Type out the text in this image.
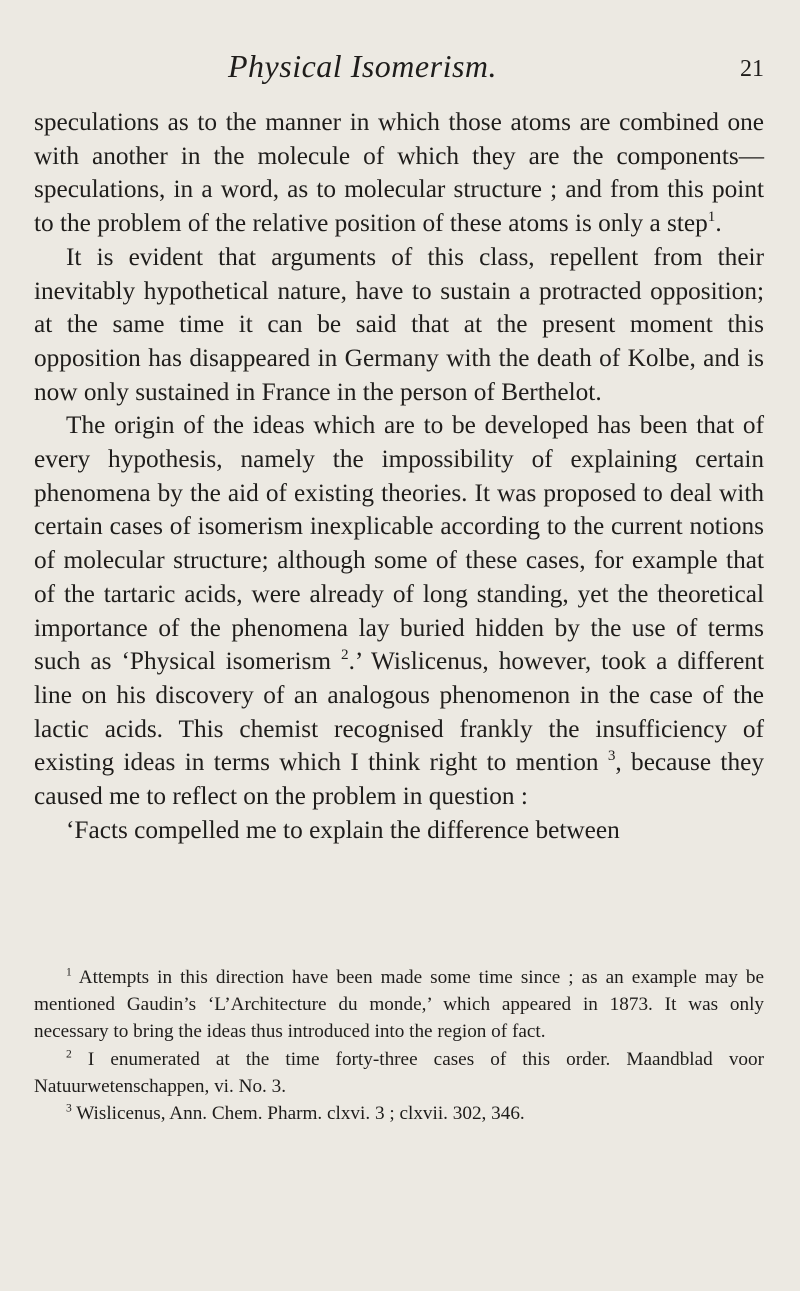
Physical Isomerism.	21

speculations as to the manner in which those atoms are combined one with another in the molecule of which they are the components—speculations, in a word, as to molecular structure ; and from this point to the problem of the relative position of these atoms is only a step$^1$.

It is evident that arguments of this class, repellent from their inevitably hypothetical nature, have to sustain a protracted opposition; at the same time it can be said that at the present moment this opposition has disappeared in Germany with the death of Kolbe, and is now only sustained in France in the person of Berthelot.

The origin of the ideas which are to be developed has been that of every hypothesis, namely the impossibility of explaining certain phenomena by the aid of existing theories. It was proposed to deal with certain cases of isomerism inexplicable according to the current notions of molecular structure; although some of these cases, for example that of the tartaric acids, were already of long standing, yet the theoretical importance of the phenomena lay buried hidden by the use of terms such as ‘Physical isomerism $^2$.’ Wislicenus, however, took a different line on his discovery of an analogous phenomenon in the case of the lactic acids. This chemist recognised frankly the insufficiency of existing ideas in terms which I think right to mention $^3$, because they caused me to reflect on the problem in question :

‘Facts compelled me to explain the difference between

$^1$ Attempts in this direction have been made some time since ; as an example may be mentioned Gaudin’s ‘L’Architecture du monde,’ which appeared in 1873. It was only necessary to bring the ideas thus introduced into the region of fact.

$^2$ I enumerated at the time forty-three cases of this order. Maandblad voor Natuurwetenschappen, vi. No. 3.

$^3$ Wislicenus, Ann. Chem. Pharm. clxvi. 3 ; clxvii. 302, 346.
